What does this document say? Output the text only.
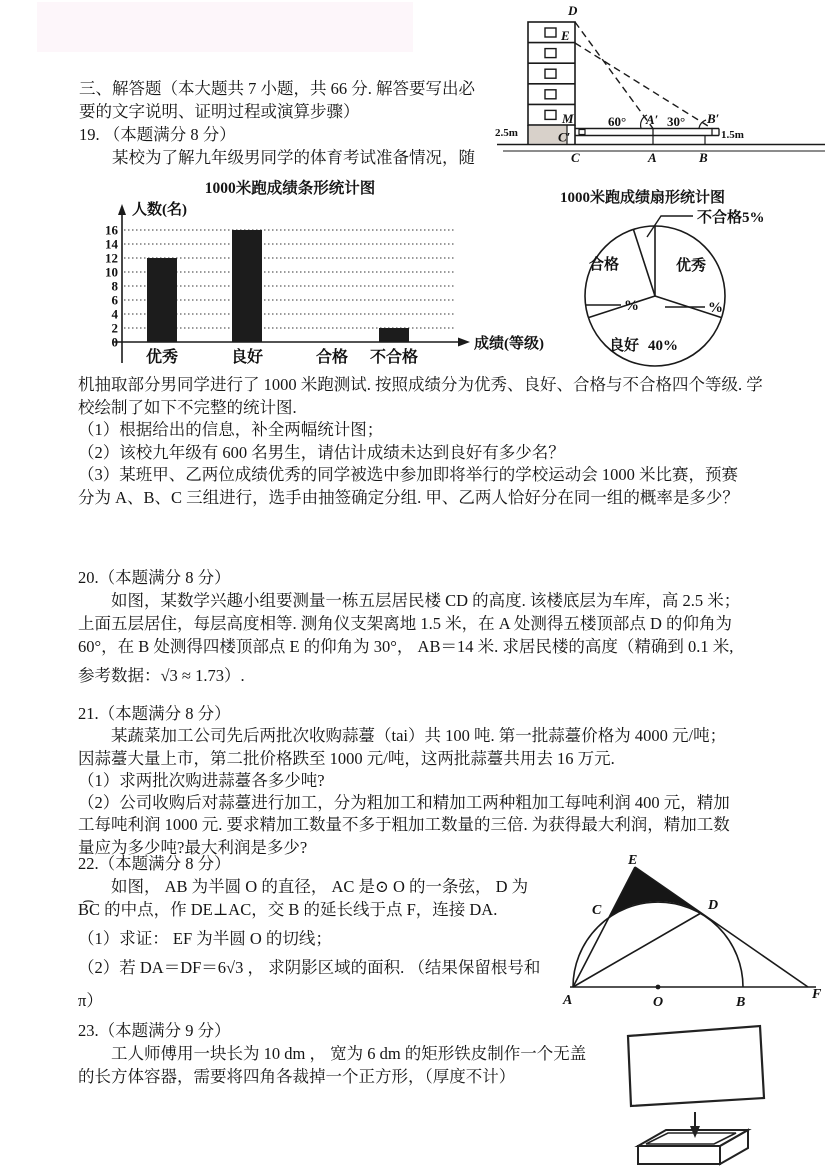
D
E
M
C′
2.5m
60°	30°
A′	B′
1.5m
C	A	B
三、解答题（本大题共 7 小题，共 66 分. 解答要写出必
要的文字说明、证明过程或演算步骤）
19. （本题满分 8 分）
某校为了解九年级男同学的体育考试准备情况，随
1000米跑成绩条形统计图
人数(名)
成绩(等级)
0
2
4
6
8
10
12
14
16
优秀	良好	合格 不合格
1000米跑成绩扇形统计图
不合格5%
优秀
%
合格
%
良好 40%
机抽取部分男同学进行了 1000 米跑测试. 按照成绩分为优秀、良好、合格与不合格四个等级. 学
校绘制了如下不完整的统计图.
（1）根据给出的信息，补全两幅统计图；
（2）该校九年级有 600 名男生，请估计成绩未达到良好有多少名？
（3）某班甲、乙两位成绩优秀的同学被选中参加即将举行的学校运动会 1000 米比赛，预赛
分为 A、B、C 三组进行，选手由抽签确定分组. 甲、乙两人恰好分在同一组的概率是多少？
20.（本题满分 8 分）
如图，某数学兴趣小组要测量一栋五层居民楼 CD 的高度. 该楼底层为车库，高 2.5 米；
上面五层居住，每层高度相等. 测角仪支架离地 1.5 米，在 A 处测得五楼顶部点 D 的仰角为
60°，在 B 处测得四楼顶部点 E 的仰角为 30°， AB＝14 米. 求居民楼的高度（精确到 0.1 米,
参考数据：√3 ≈ 1.73）.
21.（本题满分 8 分）
某蔬菜加工公司先后两批次收购蒜薹（tai）共 100 吨. 第一批蒜薹价格为 4000 元/吨；
因蒜薹大量上市，第二批价格跌至 1000 元/吨，这两批蒜薹共用去 16 万元.
（1）求两批次购进蒜薹各多少吨?
（2）公司收购后对蒜薹进行加工，分为粗加工和精加工两种粗加工每吨利润 400 元，精加
工每吨利润 1000 元. 要求精加工数量不多于粗加工数量的三倍. 为获得最大利润，精加工数
量应为多少吨?最大利润是多少?
22.（本题满分 8 分）
如图， AB 为半圆 O 的直径， AC 是⊙ O 的一条弦， D 为
B͡C 的中点，作 DE⊥AC，交 B 的延长线于点 F，连接 DA.
（1）求证： EF 为半圆 O 的切线；
（2）若 DA＝DF＝6√3 ， 求阴影区域的面积. （结果保留根号和
π）
E
C	D
A	O	B
F
23.（本题满分 9 分）
工人师傅用一块长为 10 dm ， 宽为 6 dm 的矩形铁皮制作一个无盖
的长方体容器，需要将四角各裁掉一个正方形，（厚度不计）
